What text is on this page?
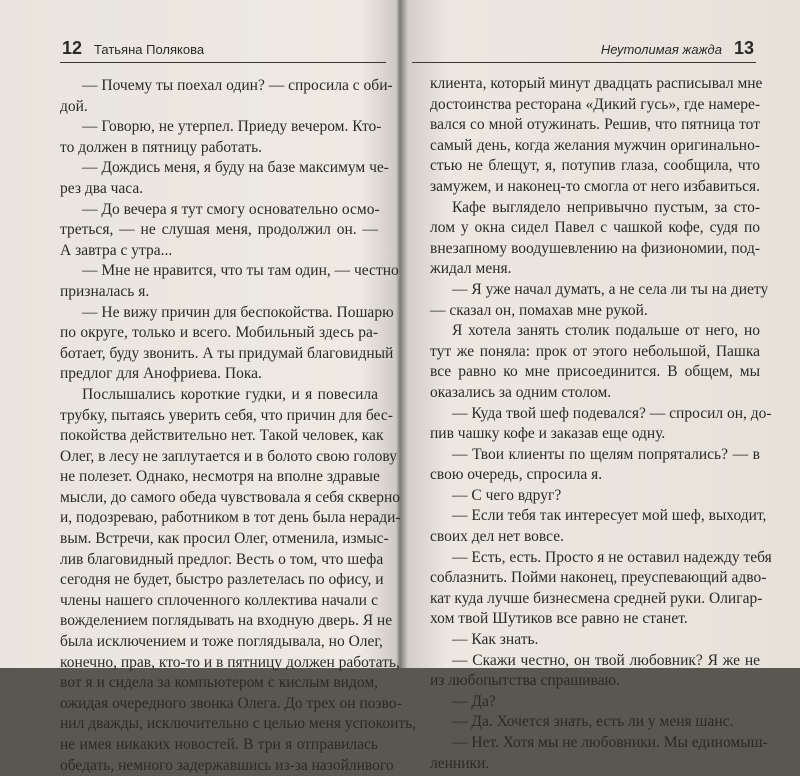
12 Татьяна Полякова
— Почему ты поехал один? — спросила с оби-
дой.
— Говорю, не утерпел. Приеду вечером. Кто-
то должен в пятницу работать.
— Дождись меня, я буду на базе максимум че-
рез два часа.
— До вечера я тут смогу основательно осмо-
треться, — не слушая меня, продолжил он. —
А завтра с утра...
— Мне не нравится, что ты там один, — честно
призналась я.
— Не вижу причин для беспокойства. Пошарю
по округе, только и всего. Мобильный здесь ра-
ботает, буду звонить. А ты придумай благовидный
предлог для Анофриева. Пока.
Послышались короткие гудки, и я повесила
трубку, пытаясь уверить себя, что причин для бес-
покойства действительно нет. Такой человек, как
Олег, в лесу не заплутается и в болото свою голову
не полезет. Однако, несмотря на вполне здравые
мысли, до самого обеда чувствовала я себя скверно
и, подозреваю, работником в тот день была неради-
вым. Встречи, как просил Олег, отменила, измыс-
лив благовидный предлог. Весть о том, что шефа
сегодня не будет, быстро разлетелась по офису, и
члены нашего сплоченного коллектива начали с
вожделением поглядывать на входную дверь. Я не
была исключением и тоже поглядывала, но Олег,
конечно, прав, кто-то и в пятницу должен работать,
вот я и сидела за компьютером с кислым видом,
ожидая очередного звонка Олега. До трех он позво-
нил дважды, исключительно с целью меня успокоить,
не имея никаких новостей. В три я отправилась
обедать, немного задержавшись из-за назойливого
Неутолимая жажда 13
клиента, который минут двадцать расписывал мне
достоинства ресторана «Дикий гусь», где намере-
вался со мной отужинать. Решив, что пятница тот
самый день, когда желания мужчин оригинально-
стью не блещут, я, потупив глаза, сообщила, что
замужем, и наконец-то смогла от него избавиться.
Кафе выглядело непривычно пустым, за сто-
лом у окна сидел Павел с чашкой кофе, судя по
внезапному воодушевлению на физиономии, под-
жидал меня.
— Я уже начал думать, а не села ли ты на диету
— сказал он, помахав мне рукой.
Я хотела занять столик подальше от него, но
тут же поняла: прок от этого небольшой, Пашка
все равно ко мне присоединится. В общем, мы
оказались за одним столом.
— Куда твой шеф подевался? — спросил он, до-
пив чашку кофе и заказав еще одну.
— Твои клиенты по щелям попрятались? — в
свою очередь, спросила я.
— С чего вдруг?
— Если тебя так интересует мой шеф, выходит,
своих дел нет вовсе.
— Есть, есть. Просто я не оставил надежду тебя
соблазнить. Пойми наконец, преуспевающий адво-
кат куда лучше бизнесмена средней руки. Олигар-
хом твой Шутиков все равно не станет.
— Как знать.
— Скажи честно, он твой любовник? Я же не
из любопытства спрашиваю.
— Да?
— Да. Хочется знать, есть ли у меня шанс.
— Нет. Хотя мы не любовники. Мы единомыш-
ленники.
